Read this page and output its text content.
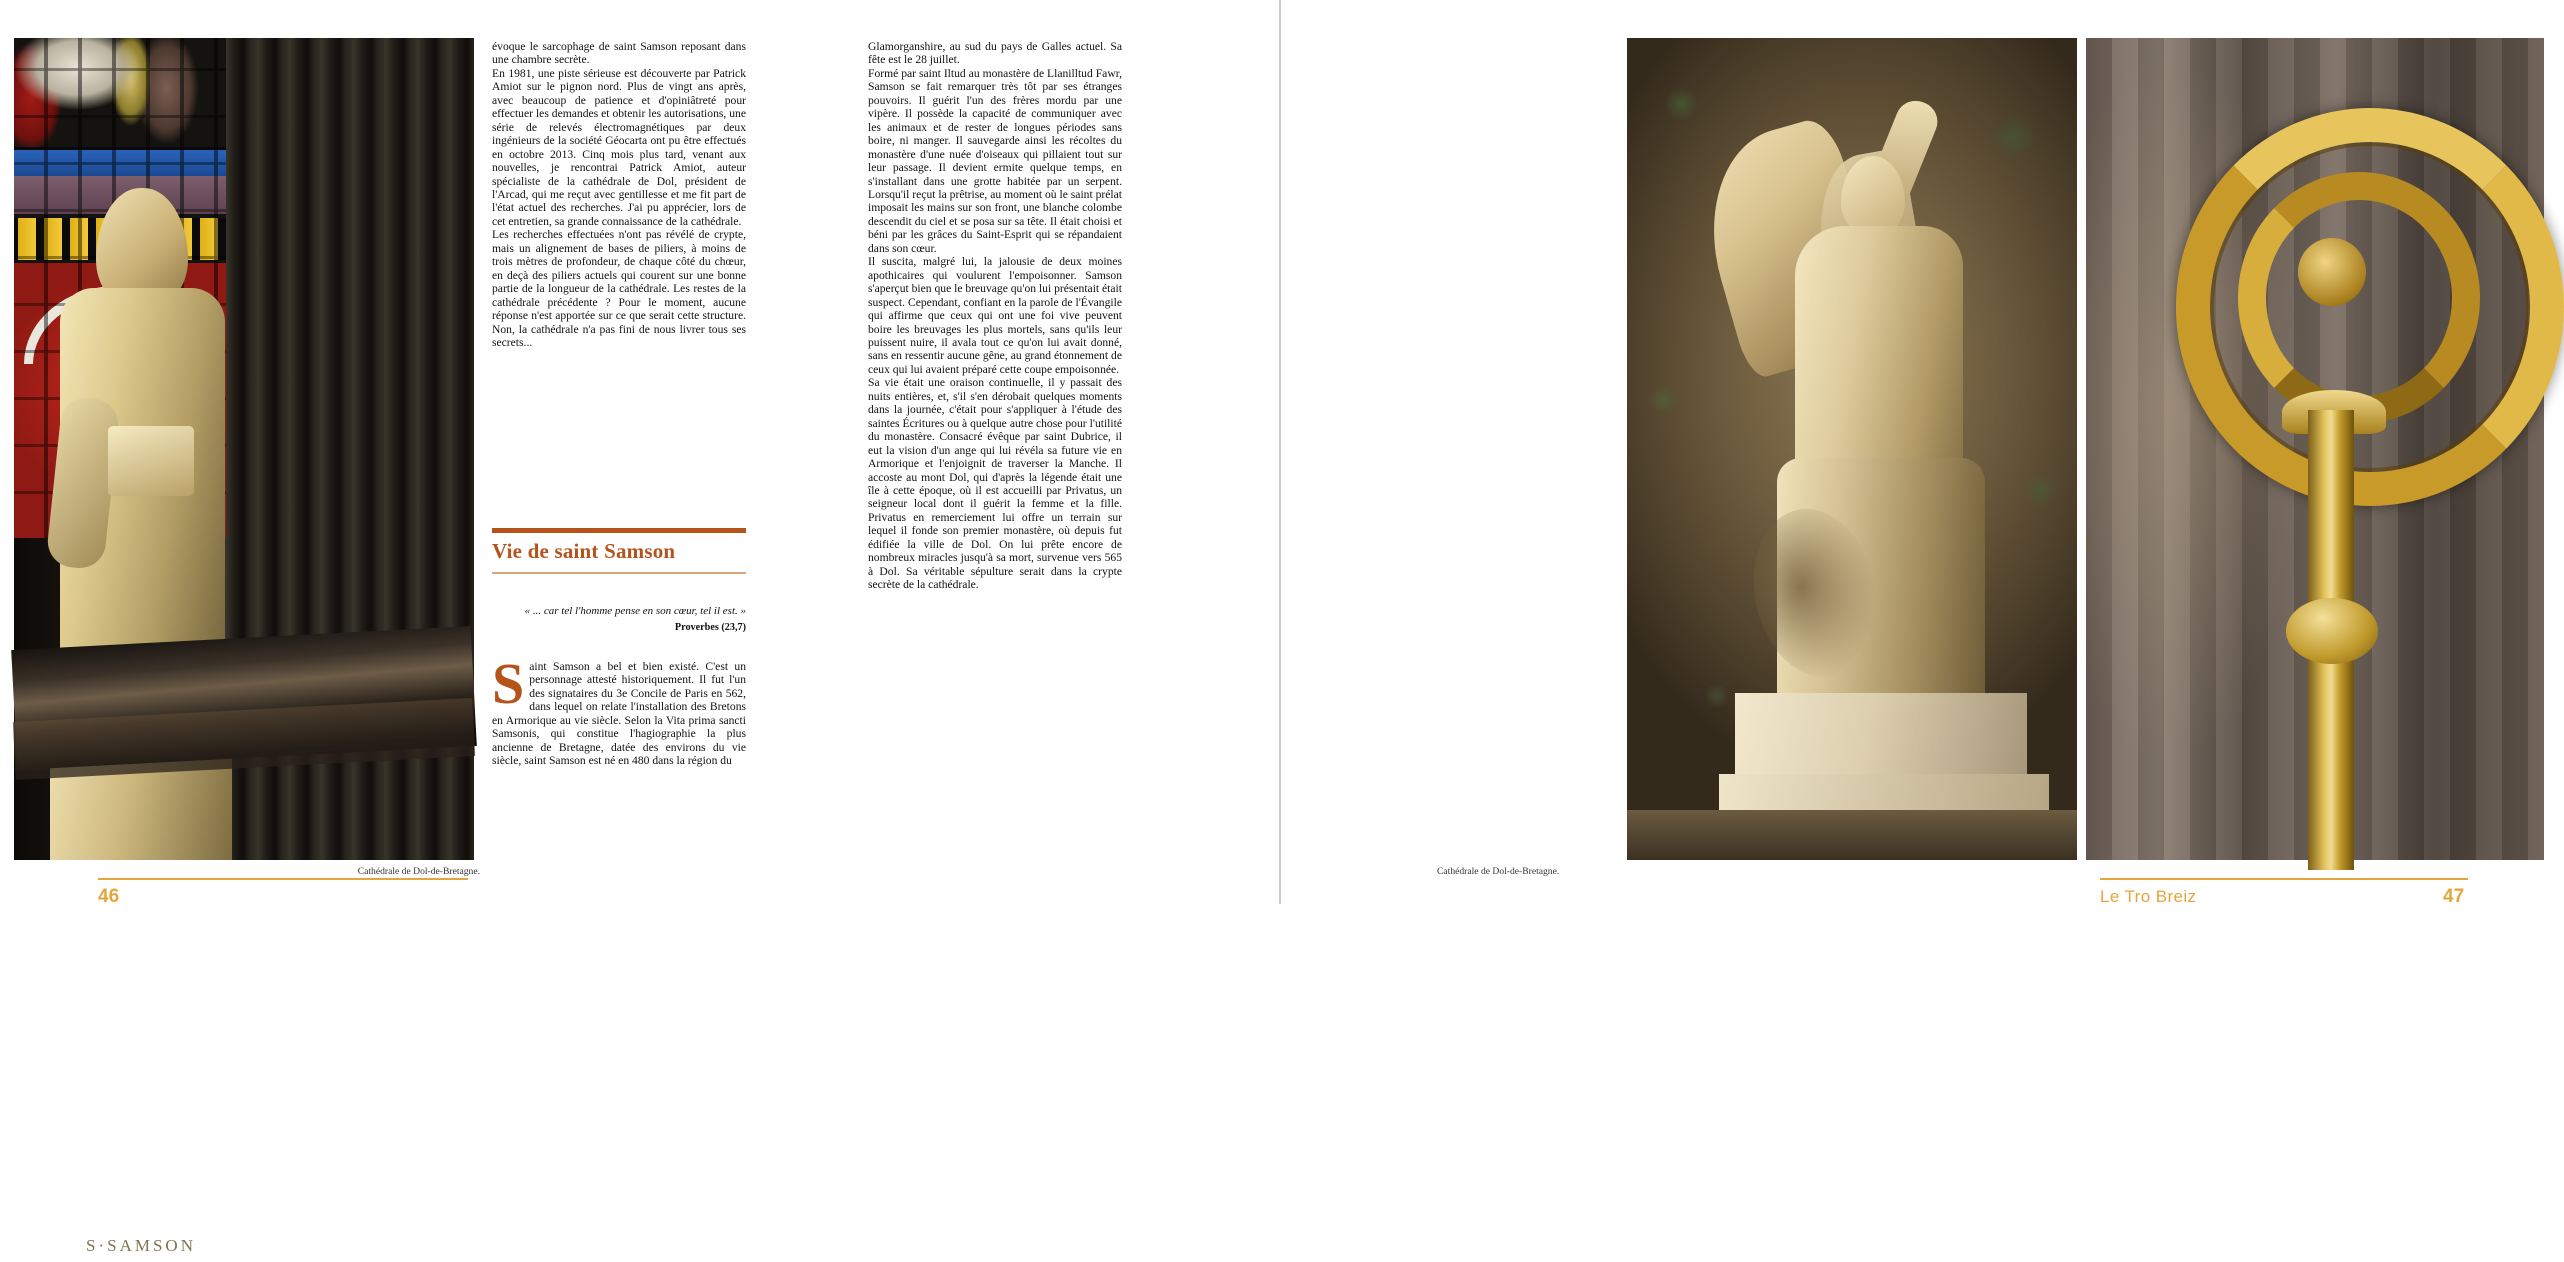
S·SAMSON

évoque le sarcophage de saint Samson reposant dans une chambre secrète.

En 1981, une piste sérieuse est découverte par Patrick Amiot sur le pignon nord. Plus de vingt ans après, avec beaucoup de patience et d'opiniâtreté pour effectuer les demandes et obtenir les autorisations, une série de relevés électromagnétiques par deux ingénieurs de la société Géocarta ont pu être effectués en octobre 2013. Cinq mois plus tard, venant aux nouvelles, je rencontrai Patrick Amiot, auteur spécialiste de la cathédrale de Dol, président de l'Arcad, qui me reçut avec gentillesse et me fit part de l'état actuel des recherches. J'ai pu apprécier, lors de cet entretien, sa grande connaissance de la cathédrale.

Les recherches effectuées n'ont pas révélé de crypte, mais un alignement de bases de piliers, à moins de trois mètres de profondeur, de chaque côté du chœur, en deçà des piliers actuels qui courent sur une bonne partie de la longueur de la cathédrale. Les restes de la cathédrale précédente ? Pour le moment, aucune réponse n'est apportée sur ce que serait cette structure. Non, la cathédrale n'a pas fini de nous livrer tous ses secrets...

Vie de saint Samson
« ... car tel l'homme pense en son cœur, tel il est. »
Proverbes (23,7)
S aint Samson a bel et bien existé. C'est un personnage attesté historiquement. Il fut l'un des signataires du 3e Concile de Paris en 562, dans lequel on relate l'installation des Bretons en Armorique au vie siècle. Selon la Vita prima sancti Samsonis, qui constitue l'hagiographie la plus ancienne de Bretagne, datée des environs du vie siècle, saint Samson est né en 480 dans la région du

Glamorganshire, au sud du pays de Galles actuel. Sa fête est le 28 juillet.

Formé par saint Iltud au monastère de Llanilltud Fawr, Samson se fait remarquer très tôt par ses étranges pouvoirs. Il guérit l'un des frères mordu par une vipère. Il possède la capacité de communiquer avec les animaux et de rester de longues périodes sans boire, ni manger. Il sauvegarde ainsi les récoltes du monastère d'une nuée d'oiseaux qui pillaient tout sur leur passage. Il devient ermite quelque temps, en s'installant dans une grotte habitée par un serpent. Lorsqu'il reçut la prêtrise, au moment où le saint prélat imposait les mains sur son front, une blanche colombe descendit du ciel et se posa sur sa tête. Il était choisi et béni par les grâces du Saint-Esprit qui se répandaient dans son cœur.

Il suscita, malgré lui, la jalousie de deux moines apothicaires qui voulurent l'empoisonner. Samson s'aperçut bien que le breuvage qu'on lui présentait était suspect. Cependant, confiant en la parole de l'Évangile qui affirme que ceux qui ont une foi vive peuvent boire les breuvages les plus mortels, sans qu'ils leur puissent nuire, il avala tout ce qu'on lui avait donné, sans en ressentir aucune gêne, au grand étonnement de ceux qui lui avaient préparé cette coupe empoisonnée.

Sa vie était une oraison continuelle, il y passait des nuits entières, et, s'il s'en dérobait quelques moments dans la journée, c'était pour s'appliquer à l'étude des saintes Écritures ou à quelque autre chose pour l'utilité du monastère. Consacré évêque par saint Dubrice, il eut la vision d'un ange qui lui révéla sa future vie en Armorique et l'enjoignit de traverser la Manche. Il accoste au mont Dol, qui d'après la légende était une île à cette époque, où il est accueilli par Privatus, un seigneur local dont il guérit la femme et la fille. Privatus en remerciement lui offre un terrain sur lequel il fonde son premier monastère, où depuis fut édifiée la ville de Dol. On lui prête encore de nombreux miracles jusqu'à sa mort, survenue vers 565 à Dol. Sa véritable sépulture serait dans la crypte secrète de la cathédrale.

Cathédrale de Dol-de-Bretagne.
46
Cathédrale de Dol-de-Bretagne.
Le Tro Breiz	47
